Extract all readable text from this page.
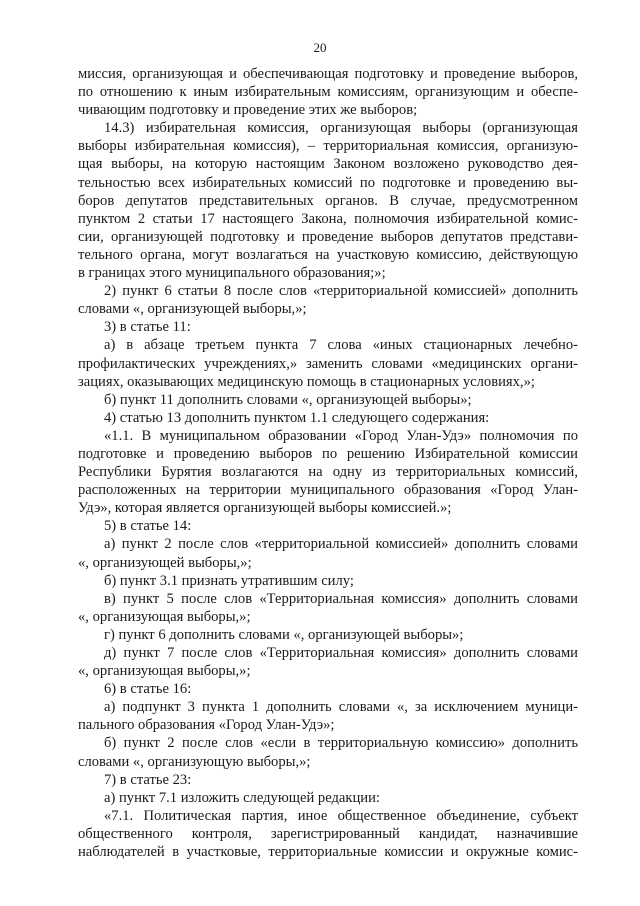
20
миссия, организующая и обеспечивающая подготовку и проведение выборов,
по отношению к иным избирательным комиссиям, организующим и обеспе-
чивающим подготовку и проведение этих же выборов;
14.3) избирательная комиссия, организующая выборы (организующая
выборы избирательная комиссия), – территориальная комиссия, организую-
щая выборы, на которую настоящим Законом возложено руководство дея-
тельностью всех избирательных комиссий по подготовке и проведению вы-
боров депутатов представительных органов. В случае, предусмотренном
пунктом 2 статьи 17 настоящего Закона, полномочия избирательной комис-
сии, организующей подготовку и проведение выборов депутатов представи-
тельного органа, могут возлагаться на участковую комиссию, действующую
в границах этого муниципального образования;»;
2) пункт 6 статьи 8 после слов «территориальной комиссией» дополнить
словами «, организующей выборы,»;
3) в статье 11:
а) в абзаце третьем пункта 7 слова «иных стационарных лечебно-
профилактических учреждениях,» заменить словами «медицинских органи-
зациях, оказывающих медицинскую помощь в стационарных условиях,»;
б) пункт 11 дополнить словами «, организующей выборы»;
4) статью 13 дополнить пунктом 1.1 следующего содержания:
«1.1. В муниципальном образовании «Город Улан-Удэ» полномочия по
подготовке и проведению выборов по решению Избирательной комиссии
Республики Бурятия возлагаются на одну из территориальных комиссий,
расположенных на территории муниципального образования «Город Улан-
Удэ», которая является организующей выборы комиссией.»;
5) в статье 14:
а) пункт 2 после слов «территориальной комиссией» дополнить словами
«, организующей выборы,»;
б) пункт 3.1 признать утратившим силу;
в) пункт 5 после слов «Территориальная комиссия» дополнить словами
«, организующая выборы,»;
г) пункт 6 дополнить словами «, организующей выборы»;
д) пункт 7 после слов «Территориальная комиссия» дополнить словами
«, организующая выборы,»;
6) в статье 16:
а) подпункт 3 пункта 1 дополнить словами «, за исключением муници-
пального образования «Город Улан-Удэ»;
б) пункт 2 после слов «если в территориальную комиссию» дополнить
словами «, организующую выборы,»;
7) в статье 23:
а) пункт 7.1 изложить следующей редакции:
«7.1. Политическая партия, иное общественное объединение, субъект
общественного контроля, зарегистрированный кандидат, назначившие
наблюдателей в участковые, территориальные комиссии и окружные комис-
